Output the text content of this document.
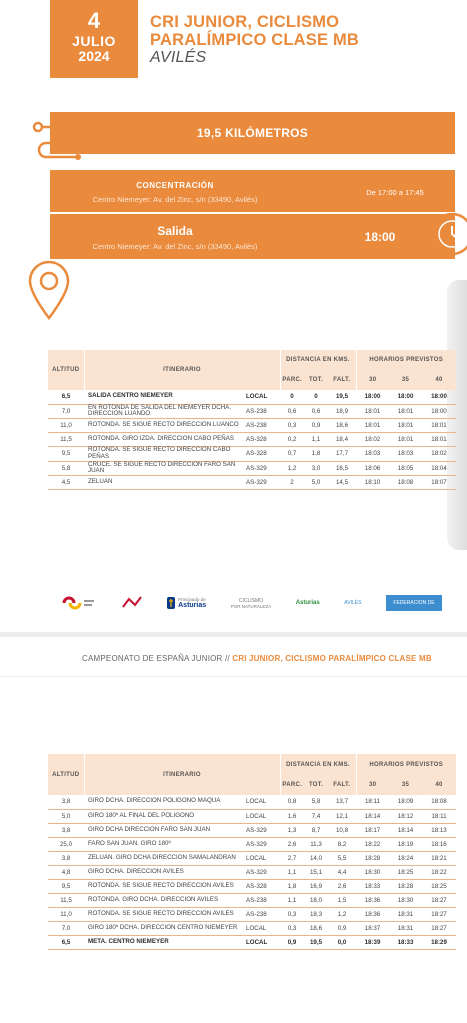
4
JULIO
2024
CRI JUNIOR, CICLISMO
PARALÍMPICO CLASE MB
AVILÉS
19,5 KILÓMETROS
CONCENTRACIÓN
Centro Niemeyer: Av. del Zinc, s/n (33490, Avilés)
De 17:00 a 17:45
Salida
Centro Niemeyer: Av. del Zinc, s/n (33490, Avilés)
18:00
ALTITUD	ITINERARIO		DISTANCIA EN KMS.			HORARIOS PREVISTOS		
			PARC.	TOT.	FALT.	30	35	40
6,5	SALIDA CENTRO NIEMEYER	LOCAL	0	0	19,5	18:00	18:00	18:00
7,0	EN ROTONDA DE SALIDA DEL NIEMEYER DCHA. DIRECCION LUANDO	AS-238	0,6	0,6	18,9	18:01	18:01	18:00
11,0	ROTONDA. SE SIGUE RECTO DIRECCION LUANCO	AS-238	0,3	0,9	18,6	18:01	18:01	18:01
11,5	ROTONDA. GIRO IZDA. DIRECCION CABO PEÑAS	AS-328	0,2	1,1	18,4	18:02	18:01	18:01
9,5	ROTONDA. SE SIGUE RECTO DIRECCION CABO PEÑAS	AS-328	0,7	1,8	17,7	18:03	18:03	18:02
5,8	CRUCE. SE SIGUE RECTO DIRECCION FARO SAN JUAN	AS-329	1,2	3,0	16,5	18:06	18:05	18:04
4,5	ZELUAN	AS-329	2	5,0	14,5	18:10	18:08	18:07
Principado de
Asturias
CICLISMO
POR NATURALEZA	Asturias	AVILÉS	FEDERACION DE CICLISMO DEL ASTURIAS
CAMPEONATO DE ESPAÑA JUNIOR // CRI JUNIOR, CICLISMO PARALÍMPICO CLASE MB
ALTITUD	ITINERARIO		DISTANCIA EN KMS.			HORARIOS PREVISTOS		
			PARC.	TOT.	FALT.	30	35	40
3,8	GIRO DCHA. DIRECCION POLIGONO MAQUA	LOCAL	0,8	5,8	13,7	18:11	18:09	18:08
5,0	GIRO 180º AL FINAL DEL POLIGONO	LOCAL	1,6	7,4	12,1	18:14	18:12	18:11
3,8	GIRO DCHA DIRECCION FARO SAN JUAN	AS-329	1,3	8,7	10,8	18:17	18:14	18:13
25,0	FARO SAN JUAN. GIRO 180º	AS-329	2,6	11,3	8,2	18:22	18:19	18:16
3,8	ZELUAN. GIRO DCHA DIRECCION SAMALANDRAN	LOCAL	2,7	14,0	5,5	18:28	18:24	18:21
4,8	GIRO DCHA. DIRECCION AVILES	AS-329	1,1	15,1	4,4	18:30	18:25	18:22
9,5	ROTONDA. SE SIGUE RECTO DIRECCION AVILES	AS-328	1,8	16,9	2,6	18:33	18:28	18:25
11,5	ROTONDA. GIRO DCHA. DIRECCION AVILES	AS-238	1,1	18,0	1,5	18:36	18:30	18:27
11,0	ROTONDA. SE SIGUE RECTO DIRECCION AVILES	AS-238	0,3	18,3	1,2	18:36	18:31	18:27
7,0	GIRO 180º DCHA. DIRECCION CENTRO NIEMEYER	LOCAL	0,3	18,6	0,9	18:37	18:31	18:27
6,5	META. CENTRO NIEMEYER	LOCAL	0,9	19,5	0,0	18:39	18:33	18:29
